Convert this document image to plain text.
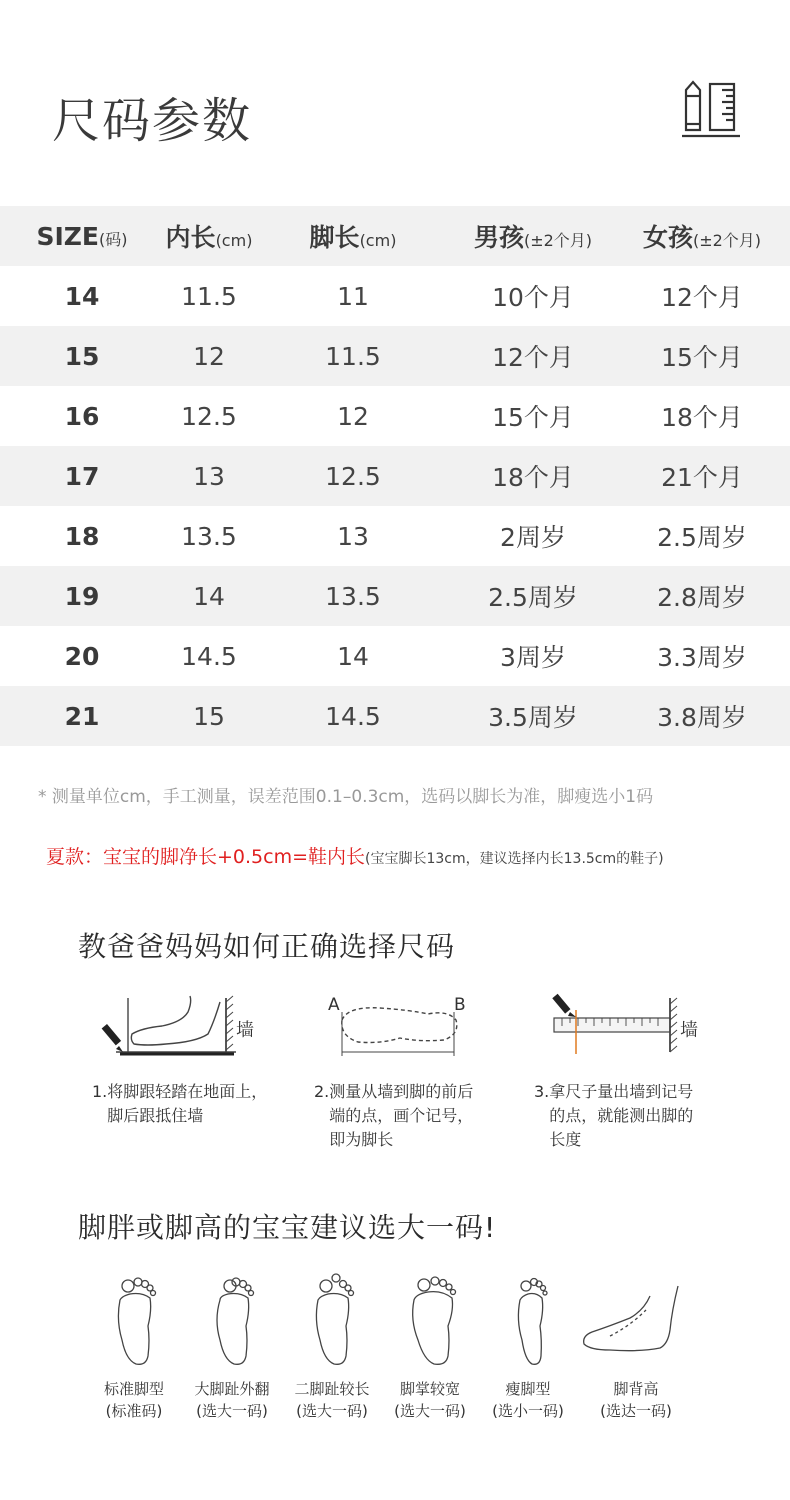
尺码参数
SIZE(码)	内长(cm)	脚长(cm)	男孩(±2个月)	女孩(±2个月)
14	11.5	11	10个月	12个月
15	12	11.5	12个月	15个月
16	12.5	12	15个月	18个月
17	13	12.5	18个月	21个月
18	13.5	13	2周岁	2.5周岁
19	14	13.5	2.5周岁	2.8周岁
20	14.5	14	3周岁	3.3周岁
21	15	14.5	3.5周岁	3.8周岁
* 测量单位cm，手工测量，误差范围0.1–0.3cm，选码以脚长为准，脚瘦选小1码
夏款：宝宝的脚净长+0.5cm=鞋内长(宝宝脚长13cm，建议选择内长13.5cm的鞋子)
教爸爸妈妈如何正确选择尺码
墙
A	B
墙
1.将脚跟轻踏在地面上，
脚后跟抵住墙
2.测量从墙到脚的前后
端的点，画个记号，
即为脚长
3.拿尺子量出墙到记号
的点，就能测出脚的
长度
脚胖或脚高的宝宝建议选大一码!
标准脚型
(标准码)
大脚趾外翻
(选大一码)
二脚趾较长
(选大一码)
脚掌较宽
(选大一码)
瘦脚型
(选小一码)
脚背高
(选达一码)
